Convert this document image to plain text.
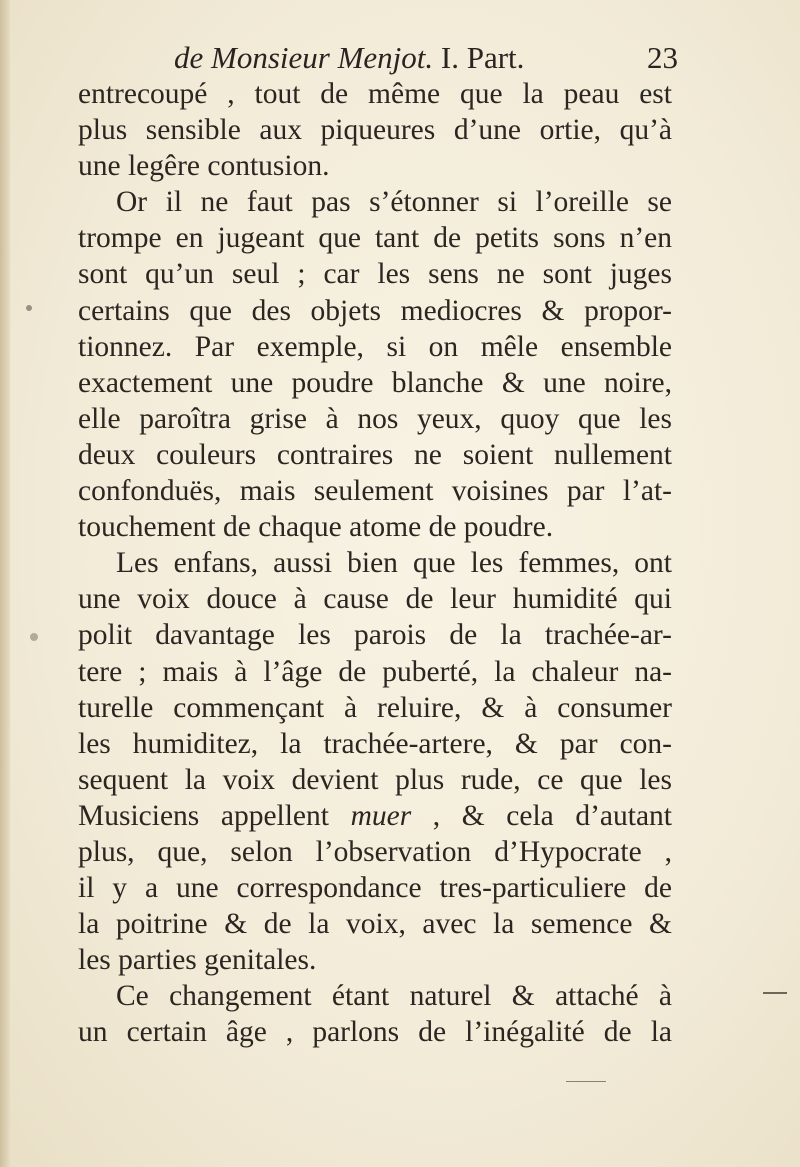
de Monsieur Menjot. I. Part.	23
entrecoupé , tout de même que la peau est
plus sensible aux piqueures d’une ortie, qu’à
une legêre contusion.
Or il ne faut pas s’étonner si l’oreille se
trompe en jugeant que tant de petits sons n’en
sont qu’un seul ; car les sens ne sont juges
certains que des objets mediocres & propor-
tionnez. Par exemple, si on mêle ensemble
exactement une poudre blanche & une noire,
elle paroîtra grise à nos yeux, quoy que les
deux couleurs contraires ne soient nullement
confonduës, mais seulement voisines par l’at-
touchement de chaque atome de poudre.
Les enfans, aussi bien que les femmes, ont
une voix douce à cause de leur humidité qui
polit davantage les parois de la trachée-ar-
tere ; mais à l’âge de puberté, la chaleur na-
turelle commençant à reluire, & à consumer
les humiditez, la trachée-artere, & par con-
sequent la voix devient plus rude, ce que les
Musiciens appellent muer , & cela d’autant
plus, que, selon l’observation d’Hypocrate ,
il y a une correspondance tres-particuliere de
la poitrine & de la voix, avec la semence &
les parties genitales.
Ce changement étant naturel & attaché à
un certain âge , parlons de l’inégalité de la
